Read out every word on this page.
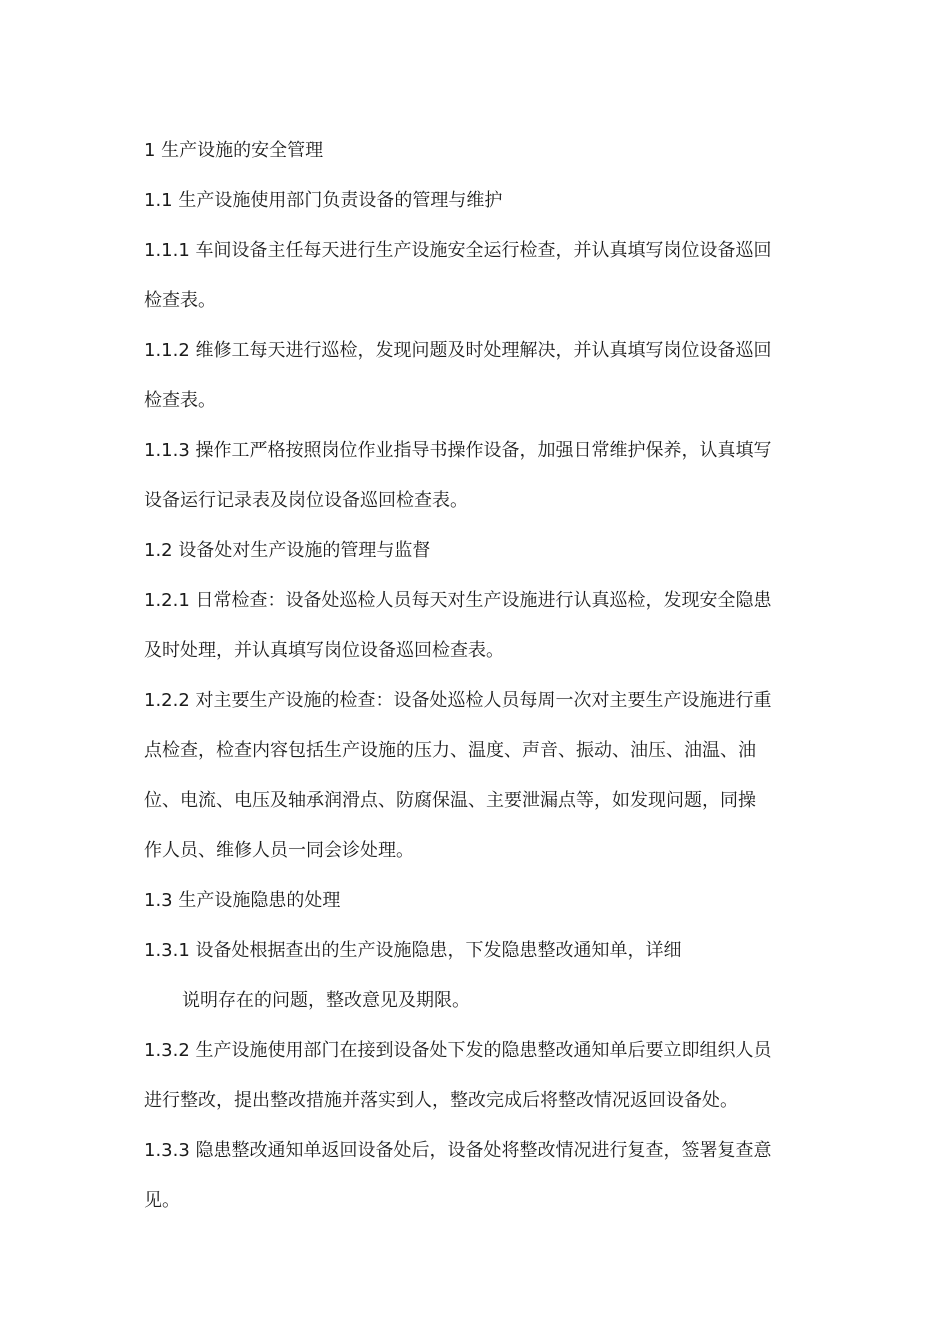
1 生产设施的安全管理
1.1 生产设施使用部门负责设备的管理与维护
1.1.1 车间设备主任每天进行生产设施安全运行检查，并认真填写岗位设备巡回
检查表。
1.1.2 维修工每天进行巡检，发现问题及时处理解决，并认真填写岗位设备巡回
检查表。
1.1.3 操作工严格按照岗位作业指导书操作设备，加强日常维护保养，认真填写
设备运行记录表及岗位设备巡回检查表。
1.2 设备处对生产设施的管理与监督
1.2.1 日常检查：设备处巡检人员每天对生产设施进行认真巡检，发现安全隐患
及时处理，并认真填写岗位设备巡回检查表。
1.2.2 对主要生产设施的检查：设备处巡检人员每周一次对主要生产设施进行重
点检查，检查内容包括生产设施的压力、温度、声音、振动、油压、油温、油
位、电流、电压及轴承润滑点、防腐保温、主要泄漏点等，如发现问题，同操
作人员、维修人员一同会诊处理。
1.3 生产设施隐患的处理
1.3.1 设备处根据查出的生产设施隐患，下发隐患整改通知单，详细
说明存在的问题，整改意见及期限。
1.3.2 生产设施使用部门在接到设备处下发的隐患整改通知单后要立即组织人员
进行整改，提出整改措施并落实到人，整改完成后将整改情况返回设备处。
1.3.3 隐患整改通知单返回设备处后，设备处将整改情况进行复查，签署复查意
见。
